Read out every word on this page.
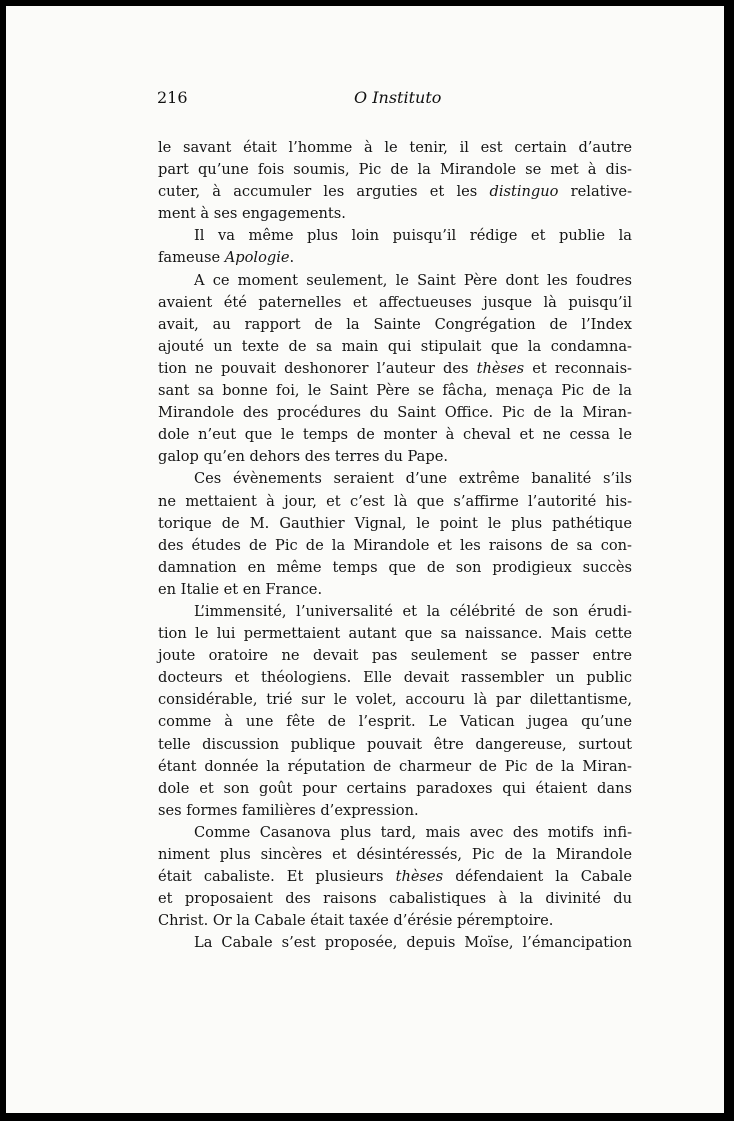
216	O Instituto
le savant était l’homme à le tenir, il est certain d’autre
part qu’une fois soumis, Pic de la Mirandole se met à dis-
cuter, à accumuler les arguties et les distinguo relative-
ment à ses engagements.
Il va même plus loin puisqu’il rédige et publie la
fameuse Apologie.
A ce moment seulement, le Saint Père dont les foudres
avaient été paternelles et affectueuses jusque là puisqu’il
avait, au rapport de la Sainte Congrégation de l’Index
ajouté un texte de sa main qui stipulait que la condamna-
tion ne pouvait deshonorer l’auteur des thèses et reconnais-
sant sa bonne foi, le Saint Père se fâcha, menaça Pic de la
Mirandole des procédures du Saint Office. Pic de la Miran-
dole n’eut que le temps de monter à cheval et ne cessa le
galop qu’en dehors des terres du Pape.
Ces évènements seraient d’une extrême banalité s’ils
ne mettaient à jour, et c’est là que s’affirme l’autorité his-
torique de M. Gauthier Vignal, le point le plus pathétique
des études de Pic de la Mirandole et les raisons de sa con-
damnation en même temps que de son prodigieux succès
en Italie et en France.
L’immensité, l’universalité et la célébrité de son érudi-
tion le lui permettaient autant que sa naissance. Mais cette
joute oratoire ne devait pas seulement se passer entre
docteurs et théologiens. Elle devait rassembler un public
considérable, trié sur le volet, accouru là par dilettantisme,
comme à une fête de l’esprit. Le Vatican jugea qu’une
telle discussion publique pouvait être dangereuse, surtout
étant donnée la réputation de charmeur de Pic de la Miran-
dole et son goût pour certains paradoxes qui étaient dans
ses formes familières d’expression.
Comme Casanova plus tard, mais avec des motifs infi-
niment plus sincères et désintéressés, Pic de la Mirandole
était cabaliste. Et plusieurs thèses défendaient la Cabale
et proposaient des raisons cabalistiques à la divinité du
Christ. Or la Cabale était taxée d’érésie péremptoire.
La Cabale s’est proposée, depuis Moïse, l’émancipation
